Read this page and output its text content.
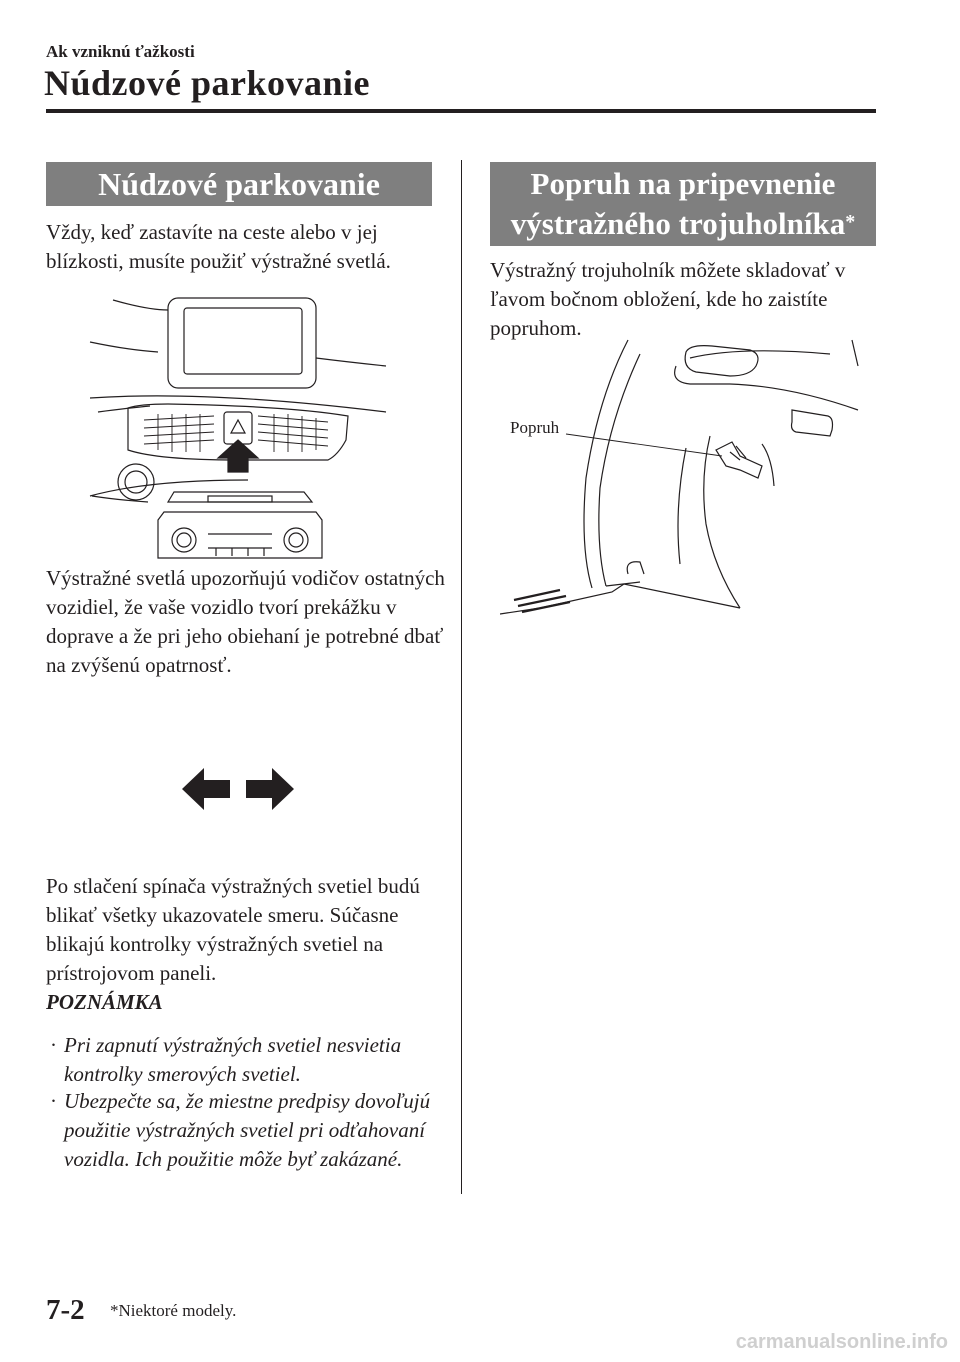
Ak vzniknú ťažkosti
Núdzové parkovanie
Núdzové parkovanie
Vždy, keď zastavíte na ceste alebo v jej blízkosti, musíte použiť výstražné svetlá.
Výstražné svetlá upozorňujú vodičov ostatných vozidiel, že vaše vozidlo tvorí prekážku v doprave a že pri jeho obiehaní je potrebné dbať na zvýšenú opatrnosť.
Po stlačení spínača výstražných svetiel budú blikať všetky ukazovatele smeru. Súčasne blikajú kontrolky výstražných svetiel na prístrojovom paneli.
POZNÁMKA
· Pri zapnutí výstražných svetiel nesvietia kontrolky smerových svetiel.
· Ubezpečte sa, že miestne predpisy dovoľujú použitie výstražných svetiel pri odťahovaní vozidla. Ich použitie môže byť zakázané.
Popruh na pripevnenie
výstražného trojuholníka*
Výstražný trojuholník môžete skladovať v ľavom bočnom obložení, kde ho zaistíte popruhom.
Popruh
7-2 *Niektoré modely.
carmanualsonline.info
